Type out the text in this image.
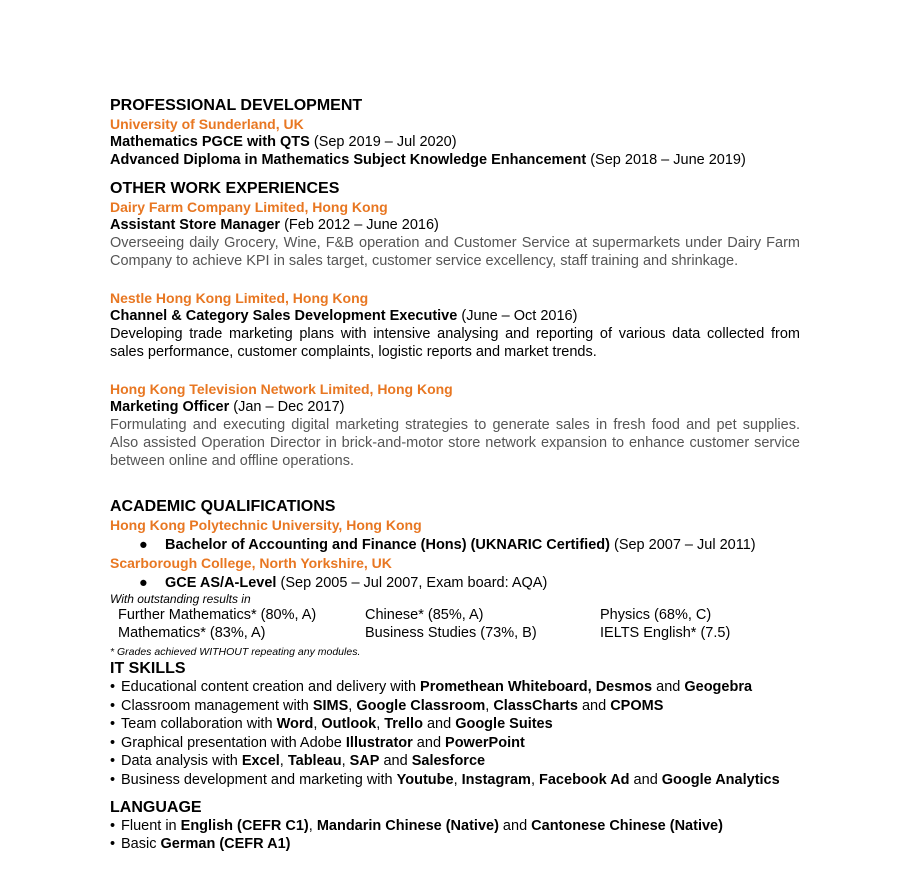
PROFESSIONAL DEVELOPMENT
University of Sunderland, UK
Mathematics PGCE with QTS (Sep 2019 – Jul 2020)
Advanced Diploma in Mathematics Subject Knowledge Enhancement (Sep 2018 – June 2019)
OTHER WORK EXPERIENCES
Dairy Farm Company Limited, Hong Kong
Assistant Store Manager (Feb 2012 – June 2016)
Overseeing daily Grocery, Wine, F&B operation and Customer Service at supermarkets under Dairy Farm Company to achieve KPI in sales target, customer service excellency, staff training and shrinkage.
Nestle Hong Kong Limited, Hong Kong
Channel & Category Sales Development Executive (June – Oct 2016)
Developing trade marketing plans with intensive analysing and reporting of various data collected from sales performance, customer complaints, logistic reports and market trends.
Hong Kong Television Network Limited, Hong Kong
Marketing Officer (Jan – Dec 2017)
Formulating and executing digital marketing strategies to generate sales in fresh food and pet supplies. Also assisted Operation Director in brick-and-motor store network expansion to enhance customer service between online and offline operations.
ACADEMIC QUALIFICATIONS
Hong Kong Polytechnic University, Hong Kong
● Bachelor of Accounting and Finance (Hons) (UKNARIC Certified) (Sep 2007 – Jul 2011)
Scarborough College, North Yorkshire, UK
● GCE AS/A-Level (Sep 2005 – Jul 2007, Exam board: AQA)
With outstanding results in
Further Mathematics* (80%, A)	Chinese* (85%, A)	Physics (68%, C)
Mathematics* (83%, A)	Business Studies (73%, B)	IELTS English* (7.5)
* Grades achieved WITHOUT repeating any modules.
IT SKILLS
• Educational content creation and delivery with Promethean Whiteboard, Desmos and Geogebra
• Classroom management with SIMS, Google Classroom, ClassCharts and CPOMS
• Team collaboration with Word, Outlook, Trello and Google Suites
• Graphical presentation with Adobe Illustrator and PowerPoint
• Data analysis with Excel, Tableau, SAP and Salesforce
• Business development and marketing with Youtube, Instagram, Facebook Ad and Google Analytics
LANGUAGE
• Fluent in English (CEFR C1), Mandarin Chinese (Native) and Cantonese Chinese (Native)
• Basic German (CEFR A1)
